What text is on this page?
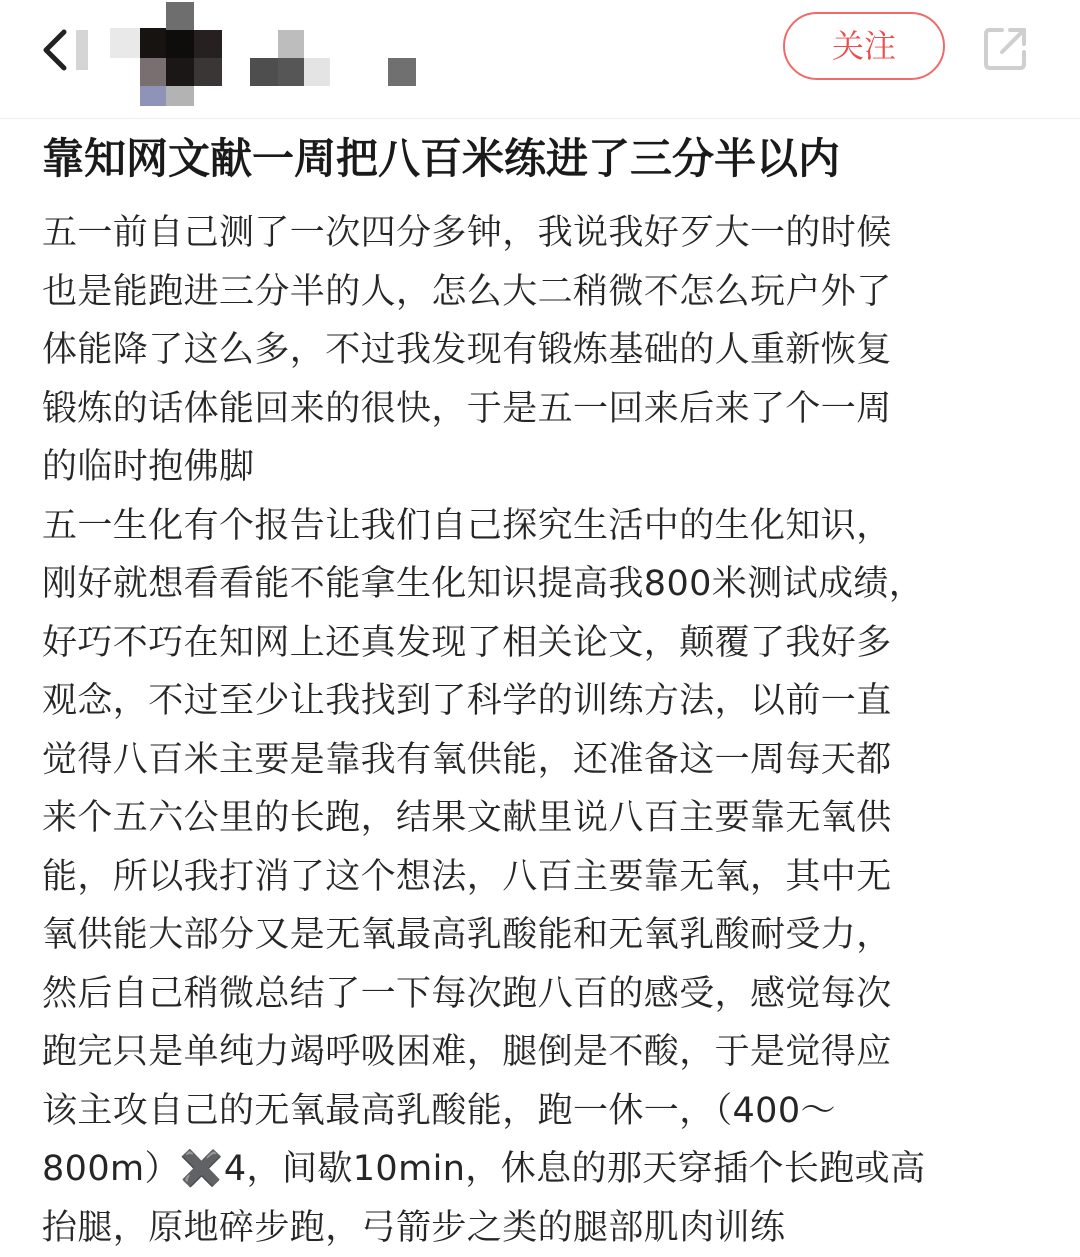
关注
靠知网文献一周把八百米练进了三分半以内
五一前自己测了一次四分多钟，我说我好歹大一的时候
也是能跑进三分半的人，怎么大二稍微不怎么玩户外了
体能降了这么多，不过我发现有锻炼基础的人重新恢复
锻炼的话体能回来的很快，于是五一回来后来了个一周
的临时抱佛脚
五一生化有个报告让我们自己探究生活中的生化知识，
刚好就想看看能不能拿生化知识提高我800米测试成绩，
好巧不巧在知网上还真发现了相关论文，颠覆了我好多
观念，不过至少让我找到了科学的训练方法，以前一直
觉得八百米主要是靠我有氧供能，还准备这一周每天都
来个五六公里的长跑，结果文献里说八百主要靠无氧供
能，所以我打消了这个想法，八百主要靠无氧，其中无
氧供能大部分又是无氧最高乳酸能和无氧乳酸耐受力，
然后自己稍微总结了一下每次跑八百的感受，感觉每次
跑完只是单纯力竭呼吸困难，腿倒是不酸，于是觉得应
该主攻自己的无氧最高乳酸能，跑一休一，（400～
800m）✖️4，间歇10min，休息的那天穿插个长跑或高
抬腿，原地碎步跑，弓箭步之类的腿部肌肉训练
